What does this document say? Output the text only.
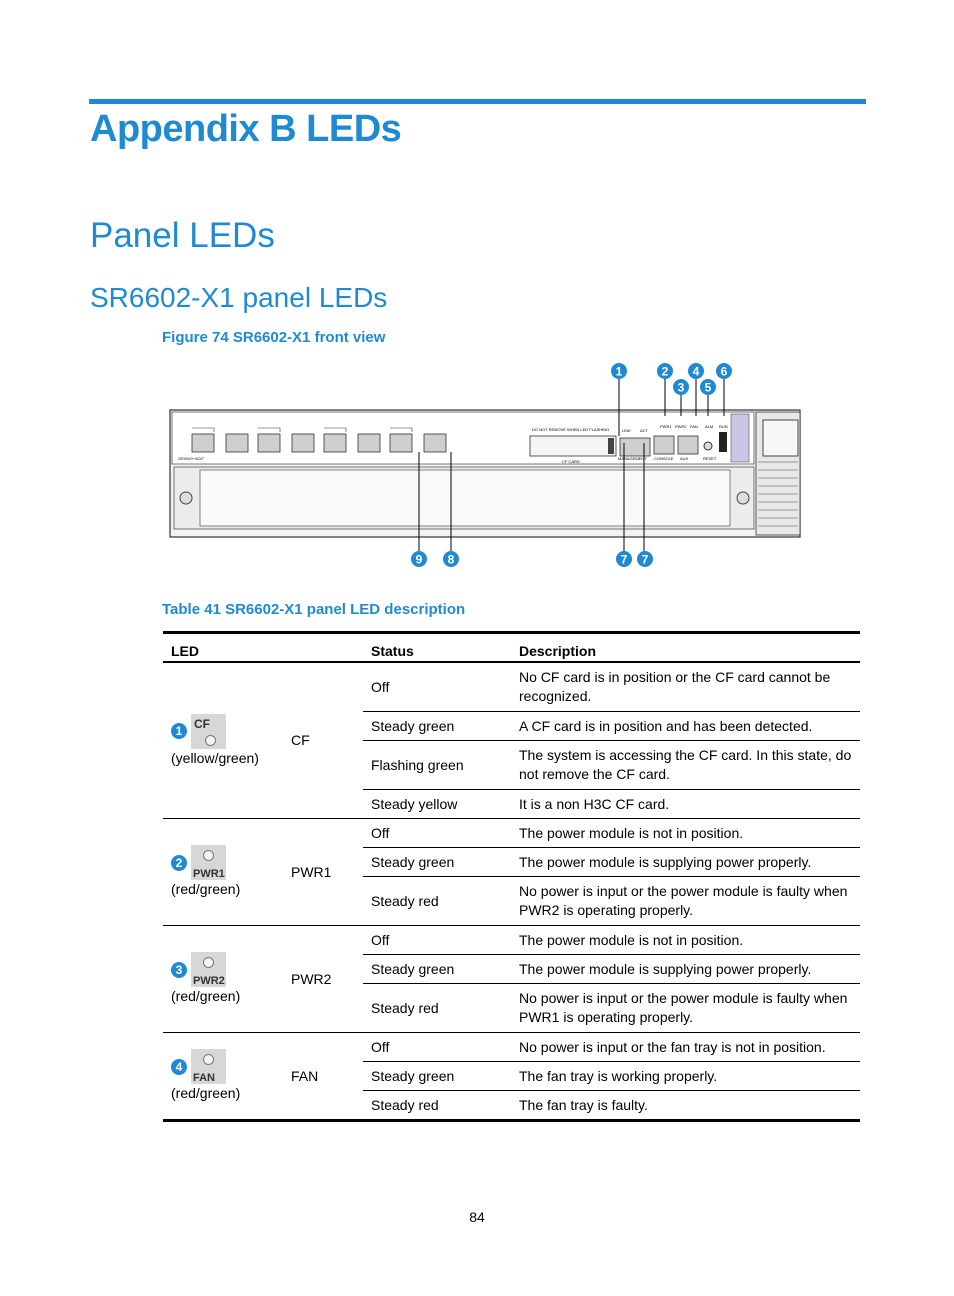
Appendix B LEDs
Panel LEDs
SR6602-X1 panel LEDs
Figure 74 SR6602-X1 front view
GE0/0/0~0/0/7
DO NOT REMOVE WHEN LED FLASHING
CF CARD
LINK ACT
MANAGEMENT CONSOLE AUX
PWR1 PWR2 FAN ALM RUN
RESET
1	2 4 6
3 5
9 8	7 7
Table 41 SR6602-X1 panel LED description
LED		Status	Description

1
CF
(yellow/green)	CF	Off	No CF card is in position or the CF card cannot be recognized.
		Steady green	A CF card is in position and has been detected.
		Flashing green	The system is accessing the CF card. In this state, do not remove the CF card.
		Steady yellow	It is a non H3C CF card.

2
PWR1
(red/green)	PWR1	Off	The power module is not in position.
		Steady green	The power module is supplying power properly.
		Steady red	No power is input or the power module is faulty when PWR2 is operating properly.

3
PWR2
(red/green)	PWR2	Off	The power module is not in position.
		Steady green	The power module is supplying power properly.
		Steady red	No power is input or the power module is faulty when PWR1 is operating properly.

4
FAN
(red/green)	FAN	Off	No power is input or the fan tray is not in position.
		Steady green	The fan tray is working properly.
		Steady red	The fan tray is faulty.
84
